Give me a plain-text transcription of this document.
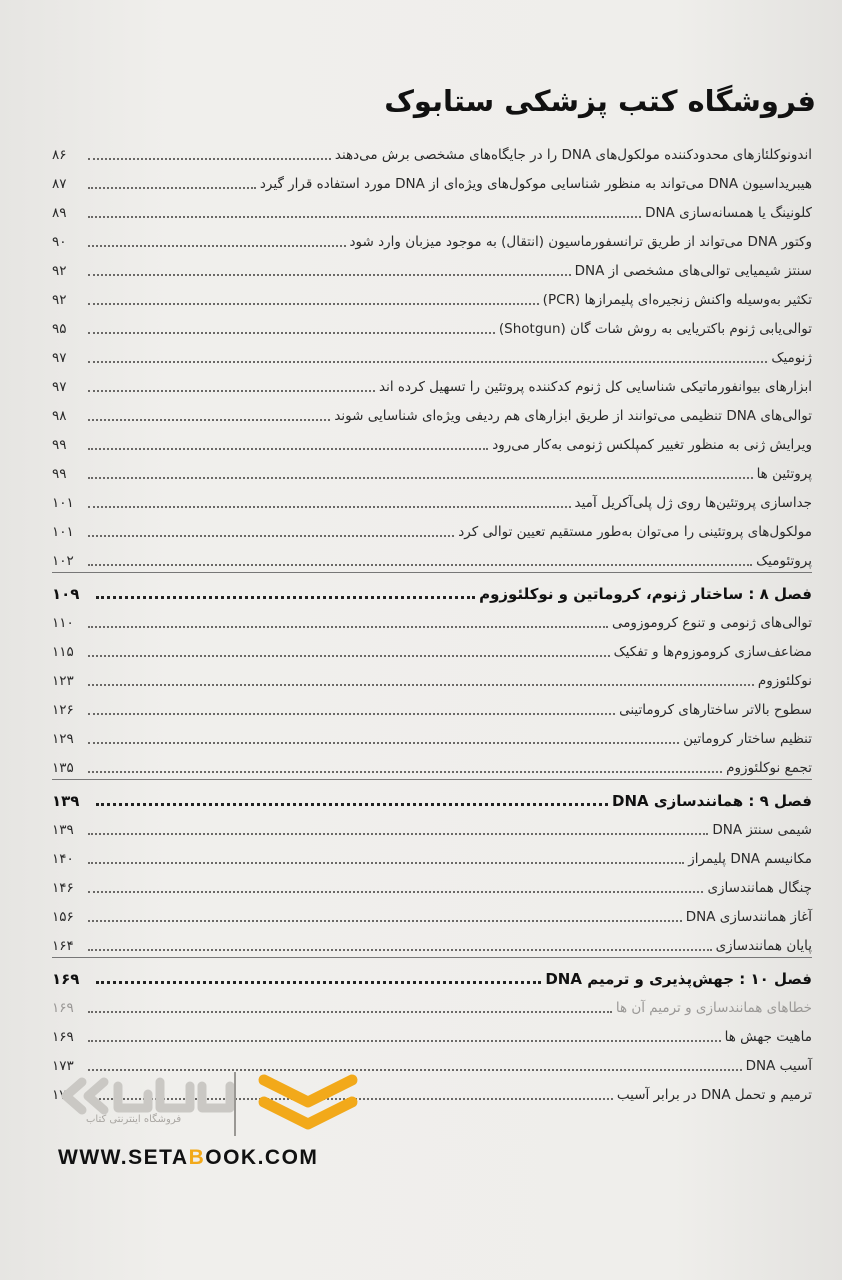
فروشگاه کتب پزشکی ستابوک
اندونوکلئازهای محدودکننده مولکول‌های DNA را در جایگاه‌های مشخصی برش می‌دهند
۸۶
هیبریداسیون DNA می‌تواند به منظور شناسایی موکول‌های ویژه‌ای از DNA مورد استفاده قرار گیرد
۸۷
کلونینگ یا همسانه‌سازی DNA
۸۹
وکتور DNA می‌تواند از طریق ترانسفورماسیون (انتقال) به موجود میزبان وارد شود
۹۰
سنتز شیمیایی توالی‌های مشخصی از DNA
۹۲
تکثیر به‌وسیله واکنش زنجیره‌ای پلیمرازها (PCR)
۹۲
توالی‌یابی ژنوم باکتریایی به روش شات گان (Shotgun)
۹۵
ژنومیک
۹۷
ابزارهای بیوانفورماتیکی شناسایی کل ژنوم کدکننده پروتئین را تسهیل کرده اند
۹۷
توالی‌های DNA تنظیمی می‌توانند از طریق ابزارهای هم ردیفی ویژه‌ای شناسایی شوند
۹۸
ویرایش ژنی به منظور تغییر کمپلکس ژنومی به‌کار می‌رود
۹۹
پروتئین ها
۹۹
جداسازی پروتئین‌ها روی ژل پلی‌آکریل آمید
۱۰۱
مولکول‌های پروتئینی را می‌توان به‌طور مستقیم تعیین توالی کرد
۱۰۱
پروتئومیک
۱۰۲
فصل ۸ : ساختار ژنوم، کروماتین و نوکلئوزوم
۱۰۹
توالی‌های ژنومی و تنوع کروموزومی
۱۱۰
مضاعف‌سازی کروموزوم‌ها و تفکیک
۱۱۵
نوکلئوزوم
۱۲۳
سطوح بالاتر ساختارهای کروماتینی
۱۲۶
تنظیم ساختار کروماتین
۱۲۹
تجمع نوکلئوزوم
۱۳۵
فصل ۹ : همانندسازی DNA
۱۳۹
شیمی سنتز DNA
۱۳۹
مکانیسم DNA پلیمراز
۱۴۰
چنگال همانندسازی
۱۴۶
آغاز همانندسازی DNA
۱۵۶
پایان همانندسازی
۱۶۴
فصل ۱۰ : جهش‌پذیری و ترمیم DNA
۱۶۹
خطاهای همانندسازی و ترمیم آن ها
۱۶۹
ماهیت جهش ها
۱۶۹
آسیب DNA
۱۷۳
ترمیم و تحمل DNA در برابر آسیب
۱۷۶
فروشگاه اینترنتی کتاب
WWW.SETABOOK.COM
